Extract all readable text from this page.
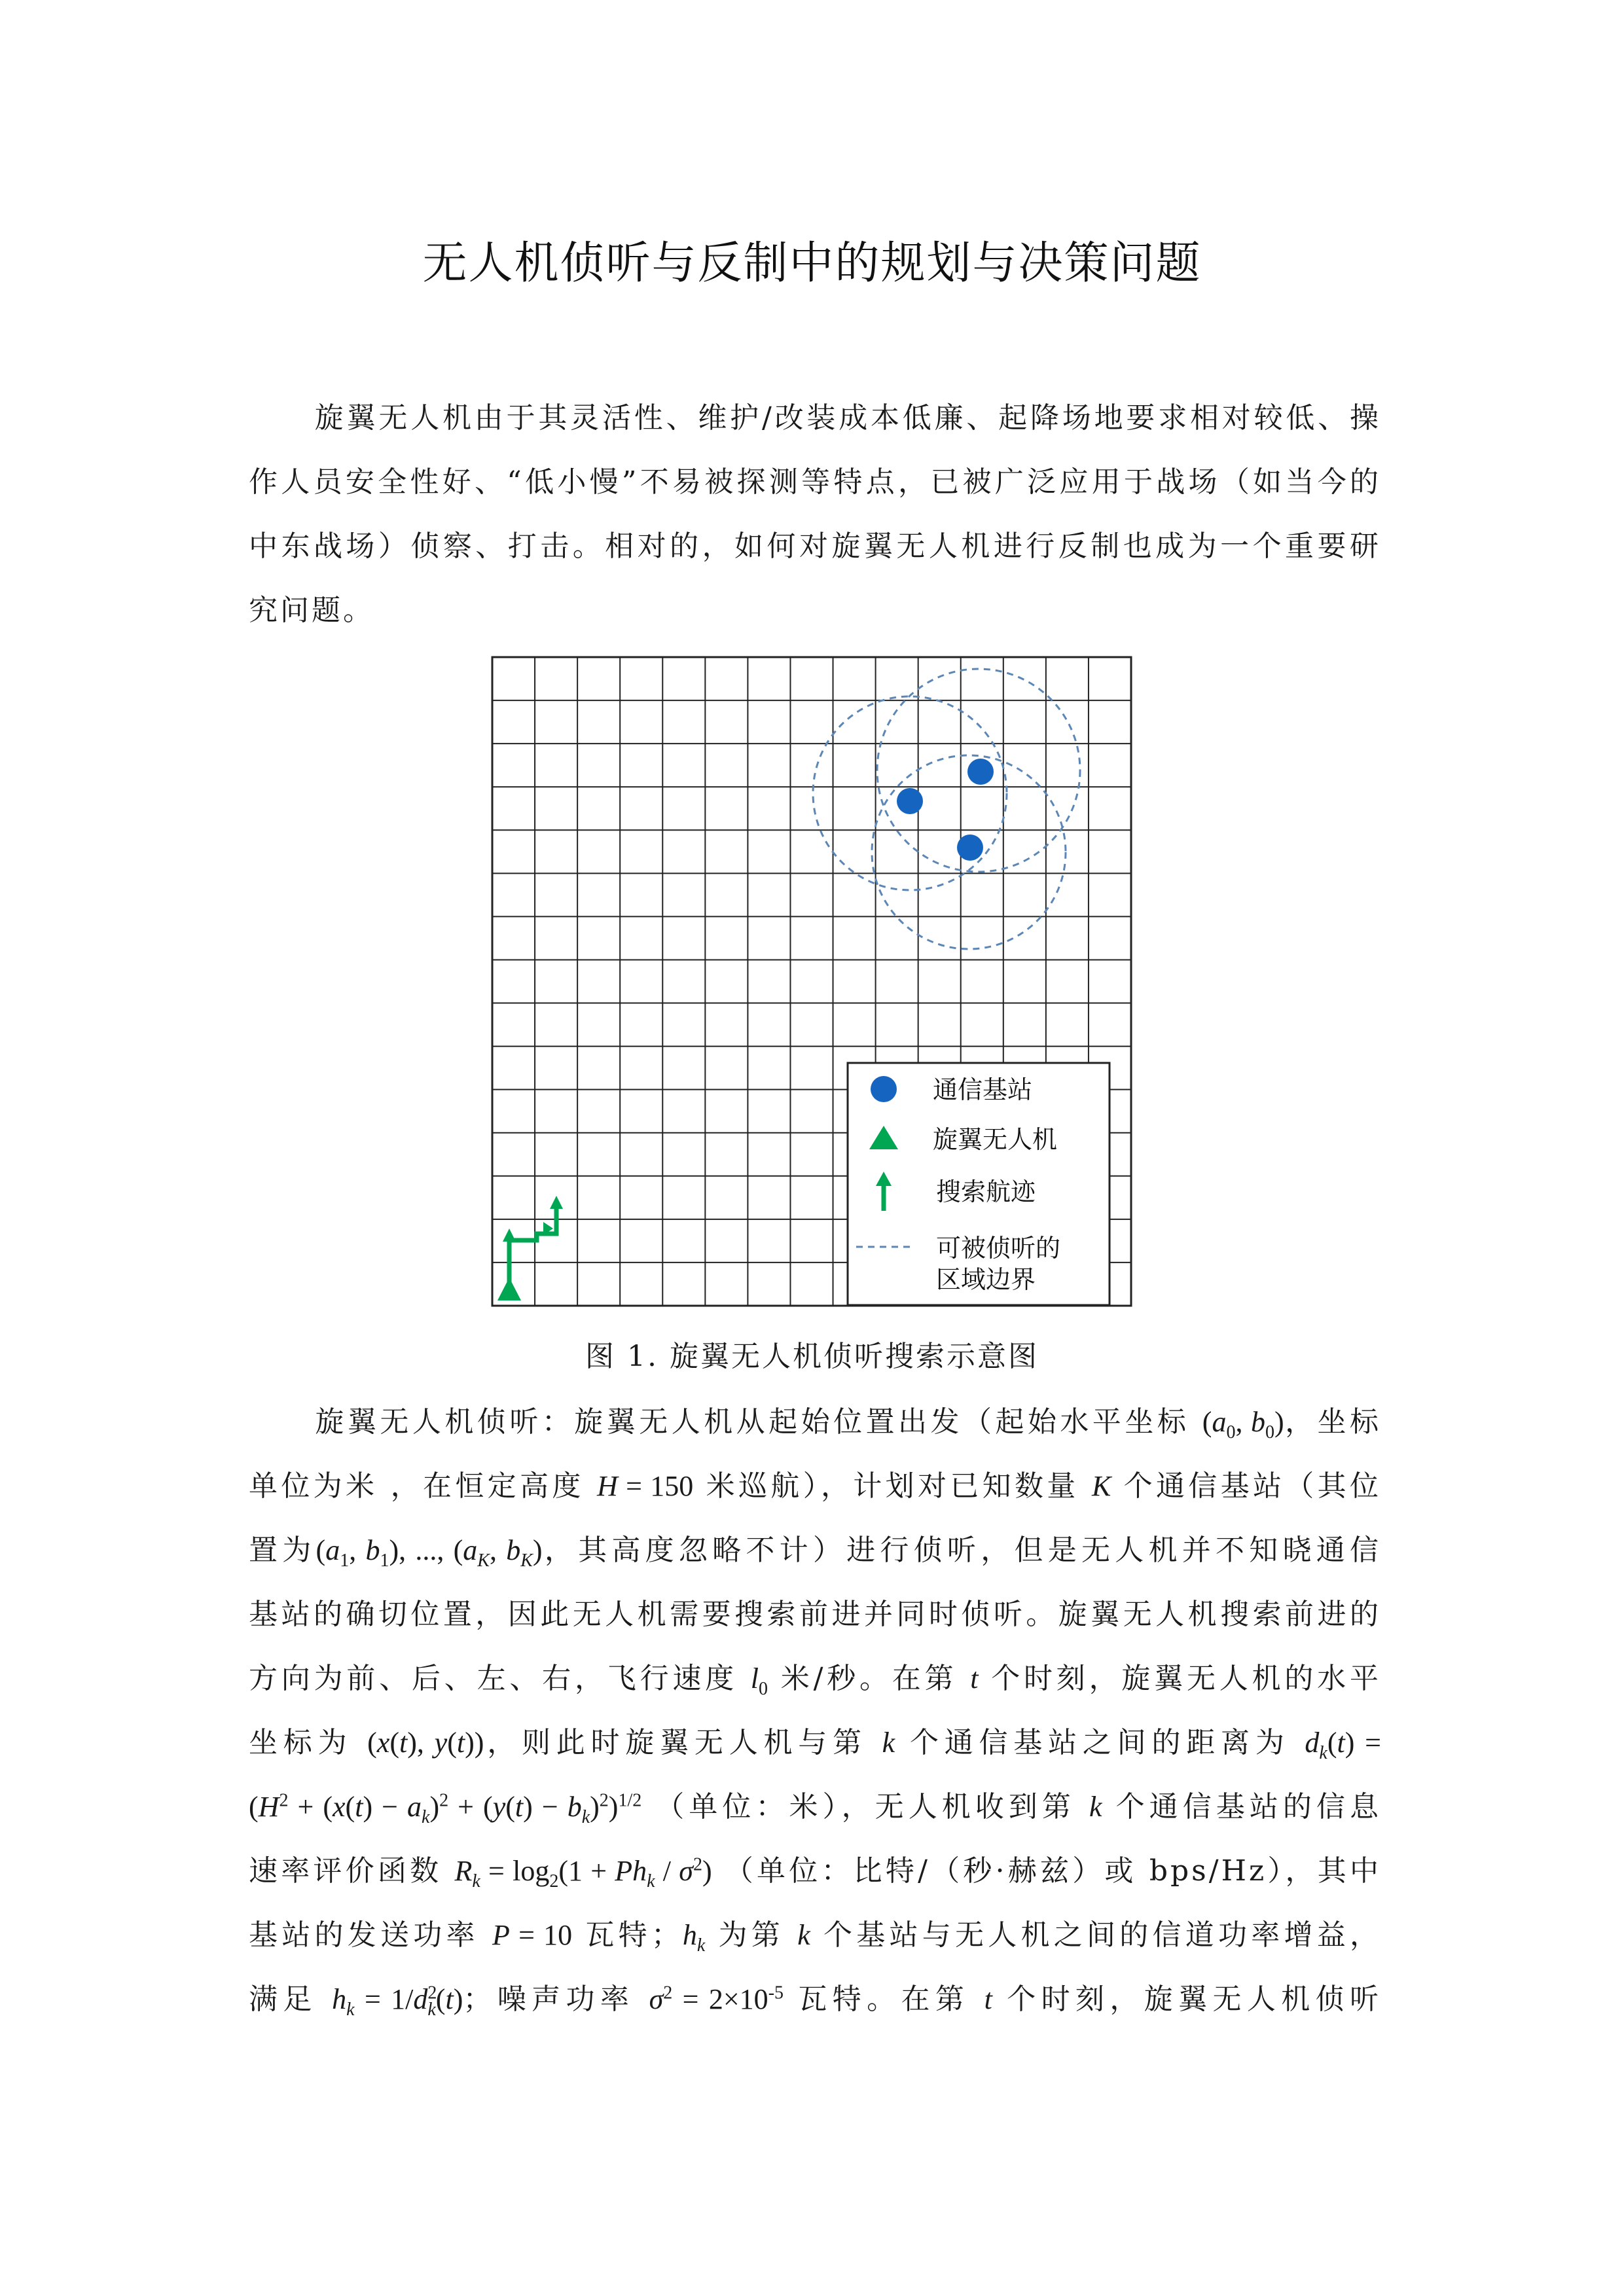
无人机侦听与反制中的规划与决策问题
旋翼无人机由于其灵活性、维护/改装成本低廉、起降场地要求相对较低、操
作人员安全性好、“低小慢”不易被探测等特点，已被广泛应用于战场（如当今的
中东战场）侦察、打击。相对的，如何对旋翼无人机进行反制也成为一个重要研
究问题。
通信基站
旋翼无人机
搜索航迹
可被侦听的
区域边界
图 1. 旋翼无人机侦听搜索示意图
旋翼无人机侦听：旋翼无人机从起始位置出发（起始水平坐标 ($a_0$, $b_0$)，坐标
单位为米 ，在恒定高度 H = 150 米巡航），计划对已知数量 K 个通信基站（其位
置为($a_1$, $b_1$), ..., ($a_K$, $b_K$)，其高度忽略不计）进行侦听，但是无人机并不知晓通信
基站的确切位置，因此无人机需要搜索前进并同时侦听。旋翼无人机搜索前进的
方向为前、后、左、右，飞行速度 $l_0$ 米/秒。在第 t 个时刻，旋翼无人机的水平
坐标为 (x(t), y(t))，则此时旋翼无人机与第 k 个通信基站之间的距离为 $d_k(t)$ =
$(H^2 + (x(t) - a_k)^2 + (y(t) - b_k)^2)^{1/2}$ （单位：米），无人机收到第 k 个通信基站的信息
速率评价函数 $R_k = \log_2(1 + Ph_k / \sigma^2)$ （单位：比特/（秒·赫兹）或 bps/Hz），其中
基站的发送功率 P = 10 瓦特；$h_k$ 为第 k 个基站与无人机之间的信道功率增益，
满足 $h_k = 1/d^2_k(t)$；噪声功率 $\sigma^2 = 2\times 10^{-5}$ 瓦特。在第 t 个时刻，旋翼无人机侦听
